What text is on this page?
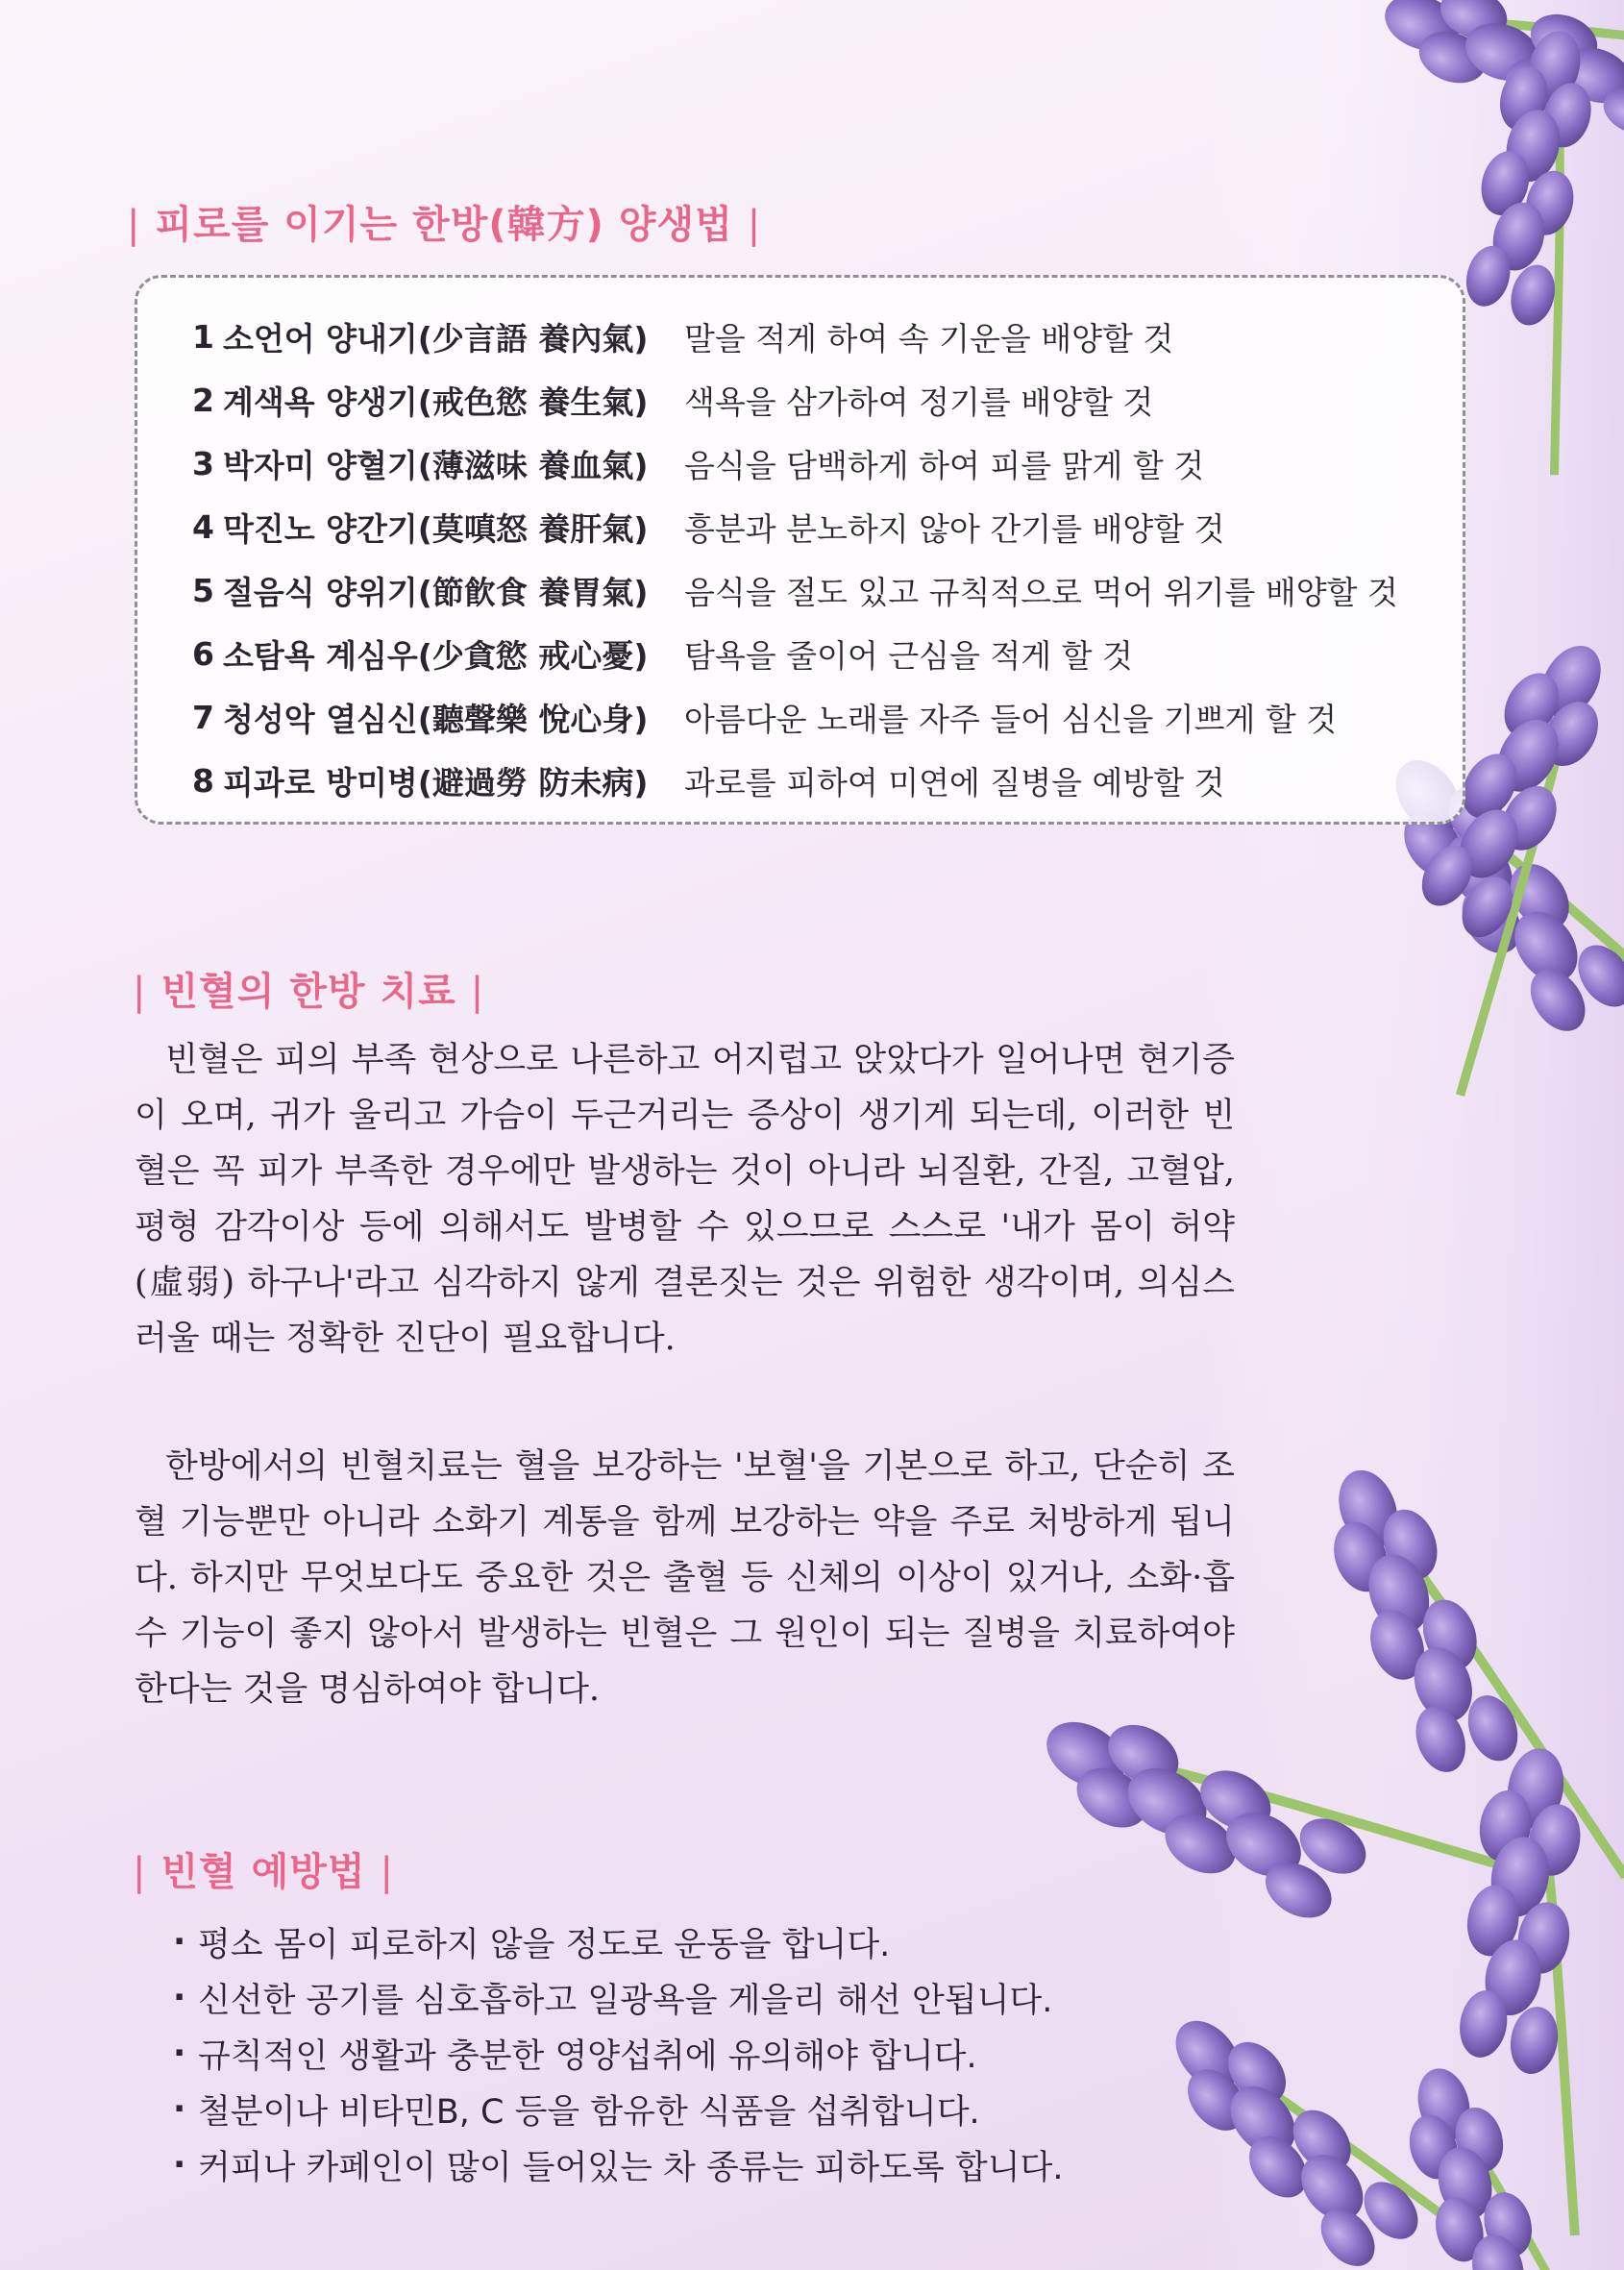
| 피로를 이기는 한방(韓方) 양생법 |
1 소언어 양내기(少言語 養內氣)	말을 적게 하여 속 기운을 배양할 것
2 계색욕 양생기(戒色慾 養生氣)	색욕을 삼가하여 정기를 배양할 것
3 박자미 양혈기(薄滋味 養血氣)	음식을 담백하게 하여 피를 맑게 할 것
4 막진노 양간기(莫嗔怒 養肝氣)	흥분과 분노하지 않아 간기를 배양할 것
5 절음식 양위기(節飮食 養胃氣)	음식을 절도 있고 규칙적으로 먹어 위기를 배양할 것
6 소탐욕 계심우(少貪慾 戒心憂)	탐욕을 줄이어 근심을 적게 할 것
7 청성악 열심신(聽聲樂 悅心身)	아름다운 노래를 자주 들어 심신을 기쁘게 할 것
8 피과로 방미병(避過勞 防未病)	과로를 피하여 미연에 질병을 예방할 것
| 빈혈의 한방 치료 |

빈혈은 피의 부족 현상으로 나른하고 어지럽고 앉았다가 일어나면 현기증이 오며, 귀가 울리고 가슴이 두근거리는 증상이 생기게 되는데, 이러한 빈혈은 꼭 피가 부족한 경우에만 발생하는 것이 아니라 뇌질환, 간질, 고혈압, 평형 감각이상 등에 의해서도 발병할 수 있으므로 스스로 '내가 몸이 허약(虛弱) 하구나'라고 심각하지 않게 결론짓는 것은 위험한 생각이며, 의심스러울 때는 정확한 진단이 필요합니다.

한방에서의 빈혈치료는 혈을 보강하는 '보혈'을 기본으로 하고, 단순히 조혈 기능뿐만 아니라 소화기 계통을 함께 보강하는 약을 주로 처방하게 됩니다. 하지만 무엇보다도 중요한 것은 출혈 등 신체의 이상이 있거나, 소화·흡수 기능이 좋지 않아서 발생하는 빈혈은 그 원인이 되는 질병을 치료하여야 한다는 것을 명심하여야 합니다.

| 빈혈 예방법 |
· 평소 몸이 피로하지 않을 정도로 운동을 합니다.
· 신선한 공기를 심호흡하고 일광욕을 게을리 해선 안됩니다.
· 규칙적인 생활과 충분한 영양섭취에 유의해야 합니다.
· 철분이나 비타민B, C 등을 함유한 식품을 섭취합니다.
· 커피나 카페인이 많이 들어있는 차 종류는 피하도록 합니다.
